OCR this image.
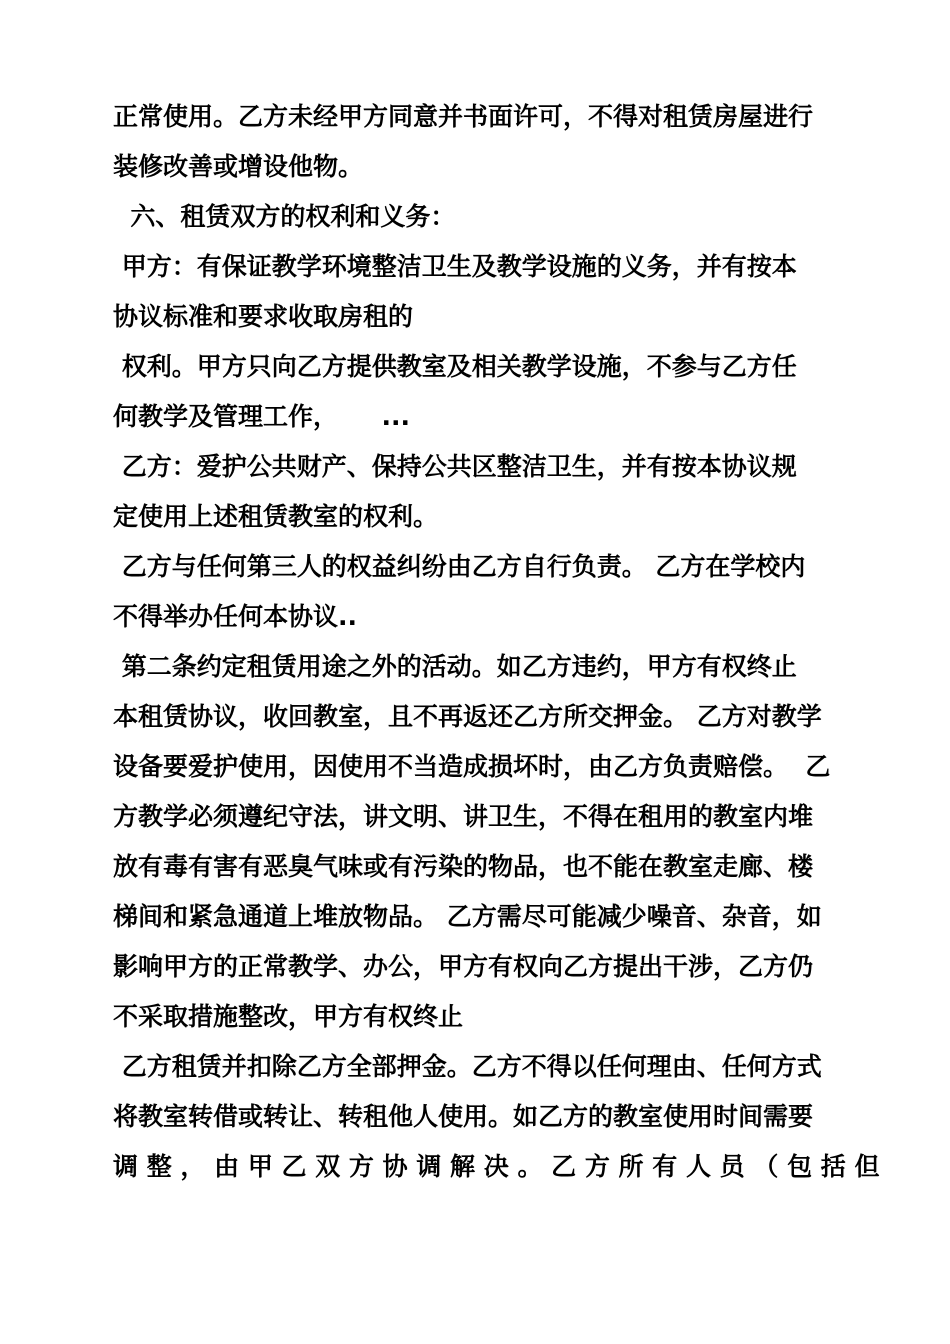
正常使用。乙方未经甲方同意并书面许可，不得对租赁房屋进行
装修改善或增设他物。
六、租赁双方的权利和义务：
甲方：有保证教学环境整洁卫生及教学设施的义务，并有按本
协议标准和要求收取房租的
权利。甲方只向乙方提供教室及相关教学设施，不参与乙方任
何教学及管理工作，     ...
乙方：爱护公共财产、保持公共区整洁卫生，并有按本协议规
定使用上述租赁教室的权利。
乙方与任何第三人的权益纠纷由乙方自行负责。 乙方在学校内
不得举办任何本协议..
第二条约定租赁用途之外的活动。如乙方违约，甲方有权终止
本租赁协议，收回教室，且不再返还乙方所交押金。 乙方对教学
设备要爱护使用，因使用不当造成损坏时，由乙方负责赔偿。  乙
方教学必须遵纪守法，讲文明、讲卫生，不得在租用的教室内堆
放有毒有害有恶臭气味或有污染的物品，也不能在教室走廊、楼
梯间和紧急通道上堆放物品。 乙方需尽可能减少噪音、杂音，如
影响甲方的正常教学、办公，甲方有权向乙方提出干涉，乙方仍
不采取措施整改，甲方有权终止
乙方租赁并扣除乙方全部押金。乙方不得以任何理由、任何方式
将教室转借或转让、转租他人使用。如乙方的教室使用时间需要
调 整 ， 由 甲 乙 双 方 协 调 解 决 。 乙 方 所 有 人 员 （ 包 括 但
